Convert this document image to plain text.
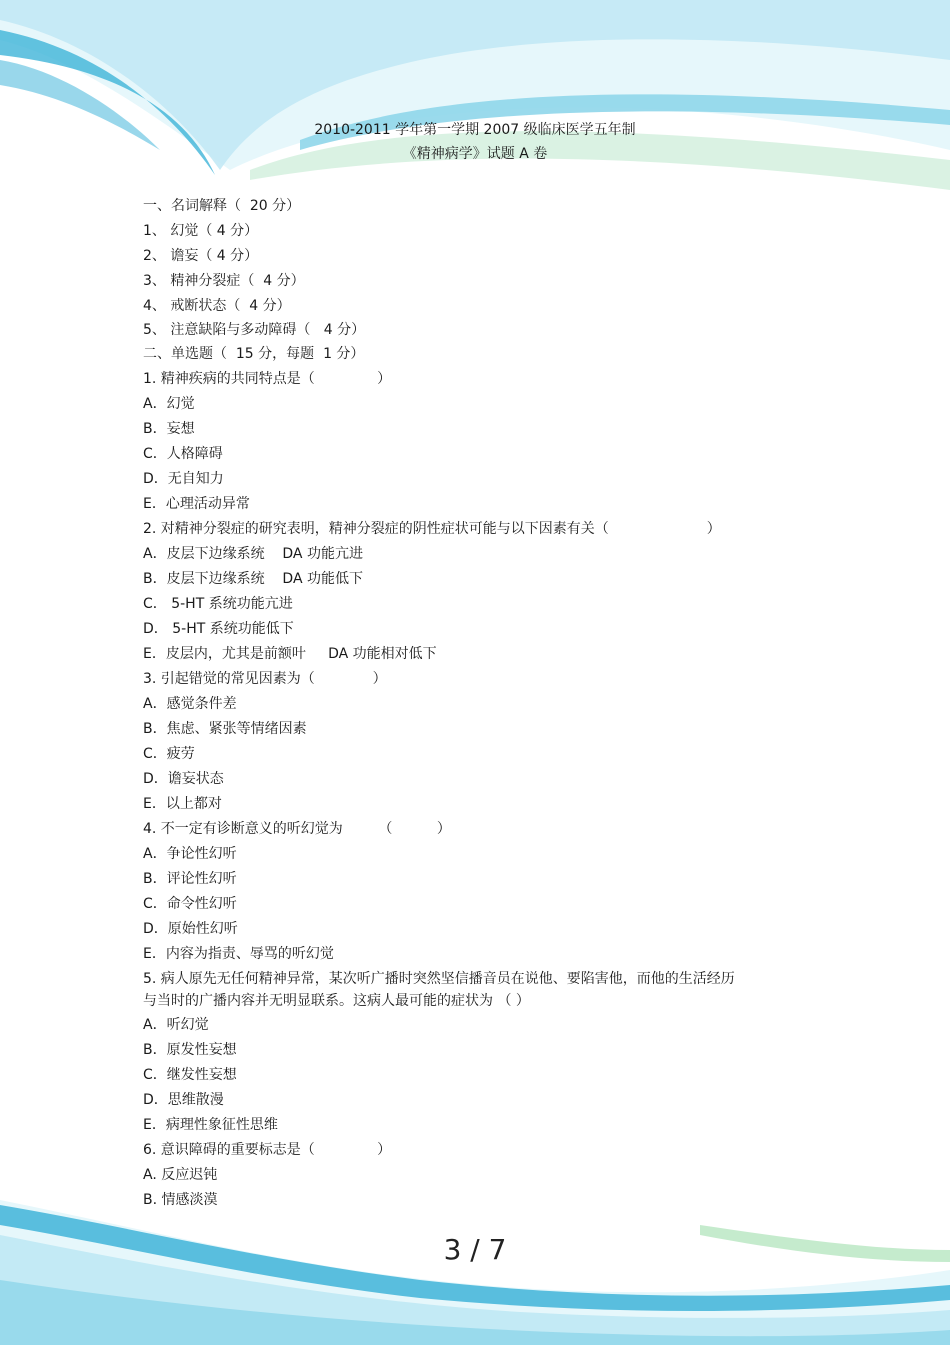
2010-2011 学年第一学期 2007 级临床医学五年制
《精神病学》试题 A 卷
一、名词解释（  20 分）
1、 幻觉（ 4 分）
2、 谵妄（ 4 分）
3、 精神分裂症（  4 分）
4、 戒断状态（  4 分）
5、 注意缺陷与多动障碍（   4 分）
二、单选题（  15 分，每题  1 分）
1. 精神疾病的共同特点是（              ）
A．幻觉
B．妄想
C．人格障碍
D．无自知力
E．心理活动异常
2. 对精神分裂症的研究表明，精神分裂症的阴性症状可能与以下因素有关（                      ）
A．皮层下边缘系统    DA 功能亢进
B．皮层下边缘系统    DA 功能低下
C． 5-HT 系统功能亢进
D． 5-HT 系统功能低下
E．皮层内，尤其是前额叶     DA 功能相对低下
3. 引起错觉的常见因素为（             ）
A．感觉条件差
B．焦虑、紧张等情绪因素
C．疲劳
D．谵妄状态
E．以上都对
4. 不一定有诊断意义的听幻觉为        （          ）
A．争论性幻听
B．评论性幻听
C．命令性幻听
D．原始性幻听
E．内容为指责、辱骂的听幻觉
5. 病人原先无任何精神异常，某次听广播时突然坚信播音员在说他、要陷害他，而他的生活经历与当时的广播内容并无明显联系。这病人最可能的症状为 （ ）
A．听幻觉
B．原发性妄想
C．继发性妄想
D．思维散漫
E．病理性象征性思维
6. 意识障碍的重要标志是（              ）
A. 反应迟钝
B. 情感淡漠
3 / 7
